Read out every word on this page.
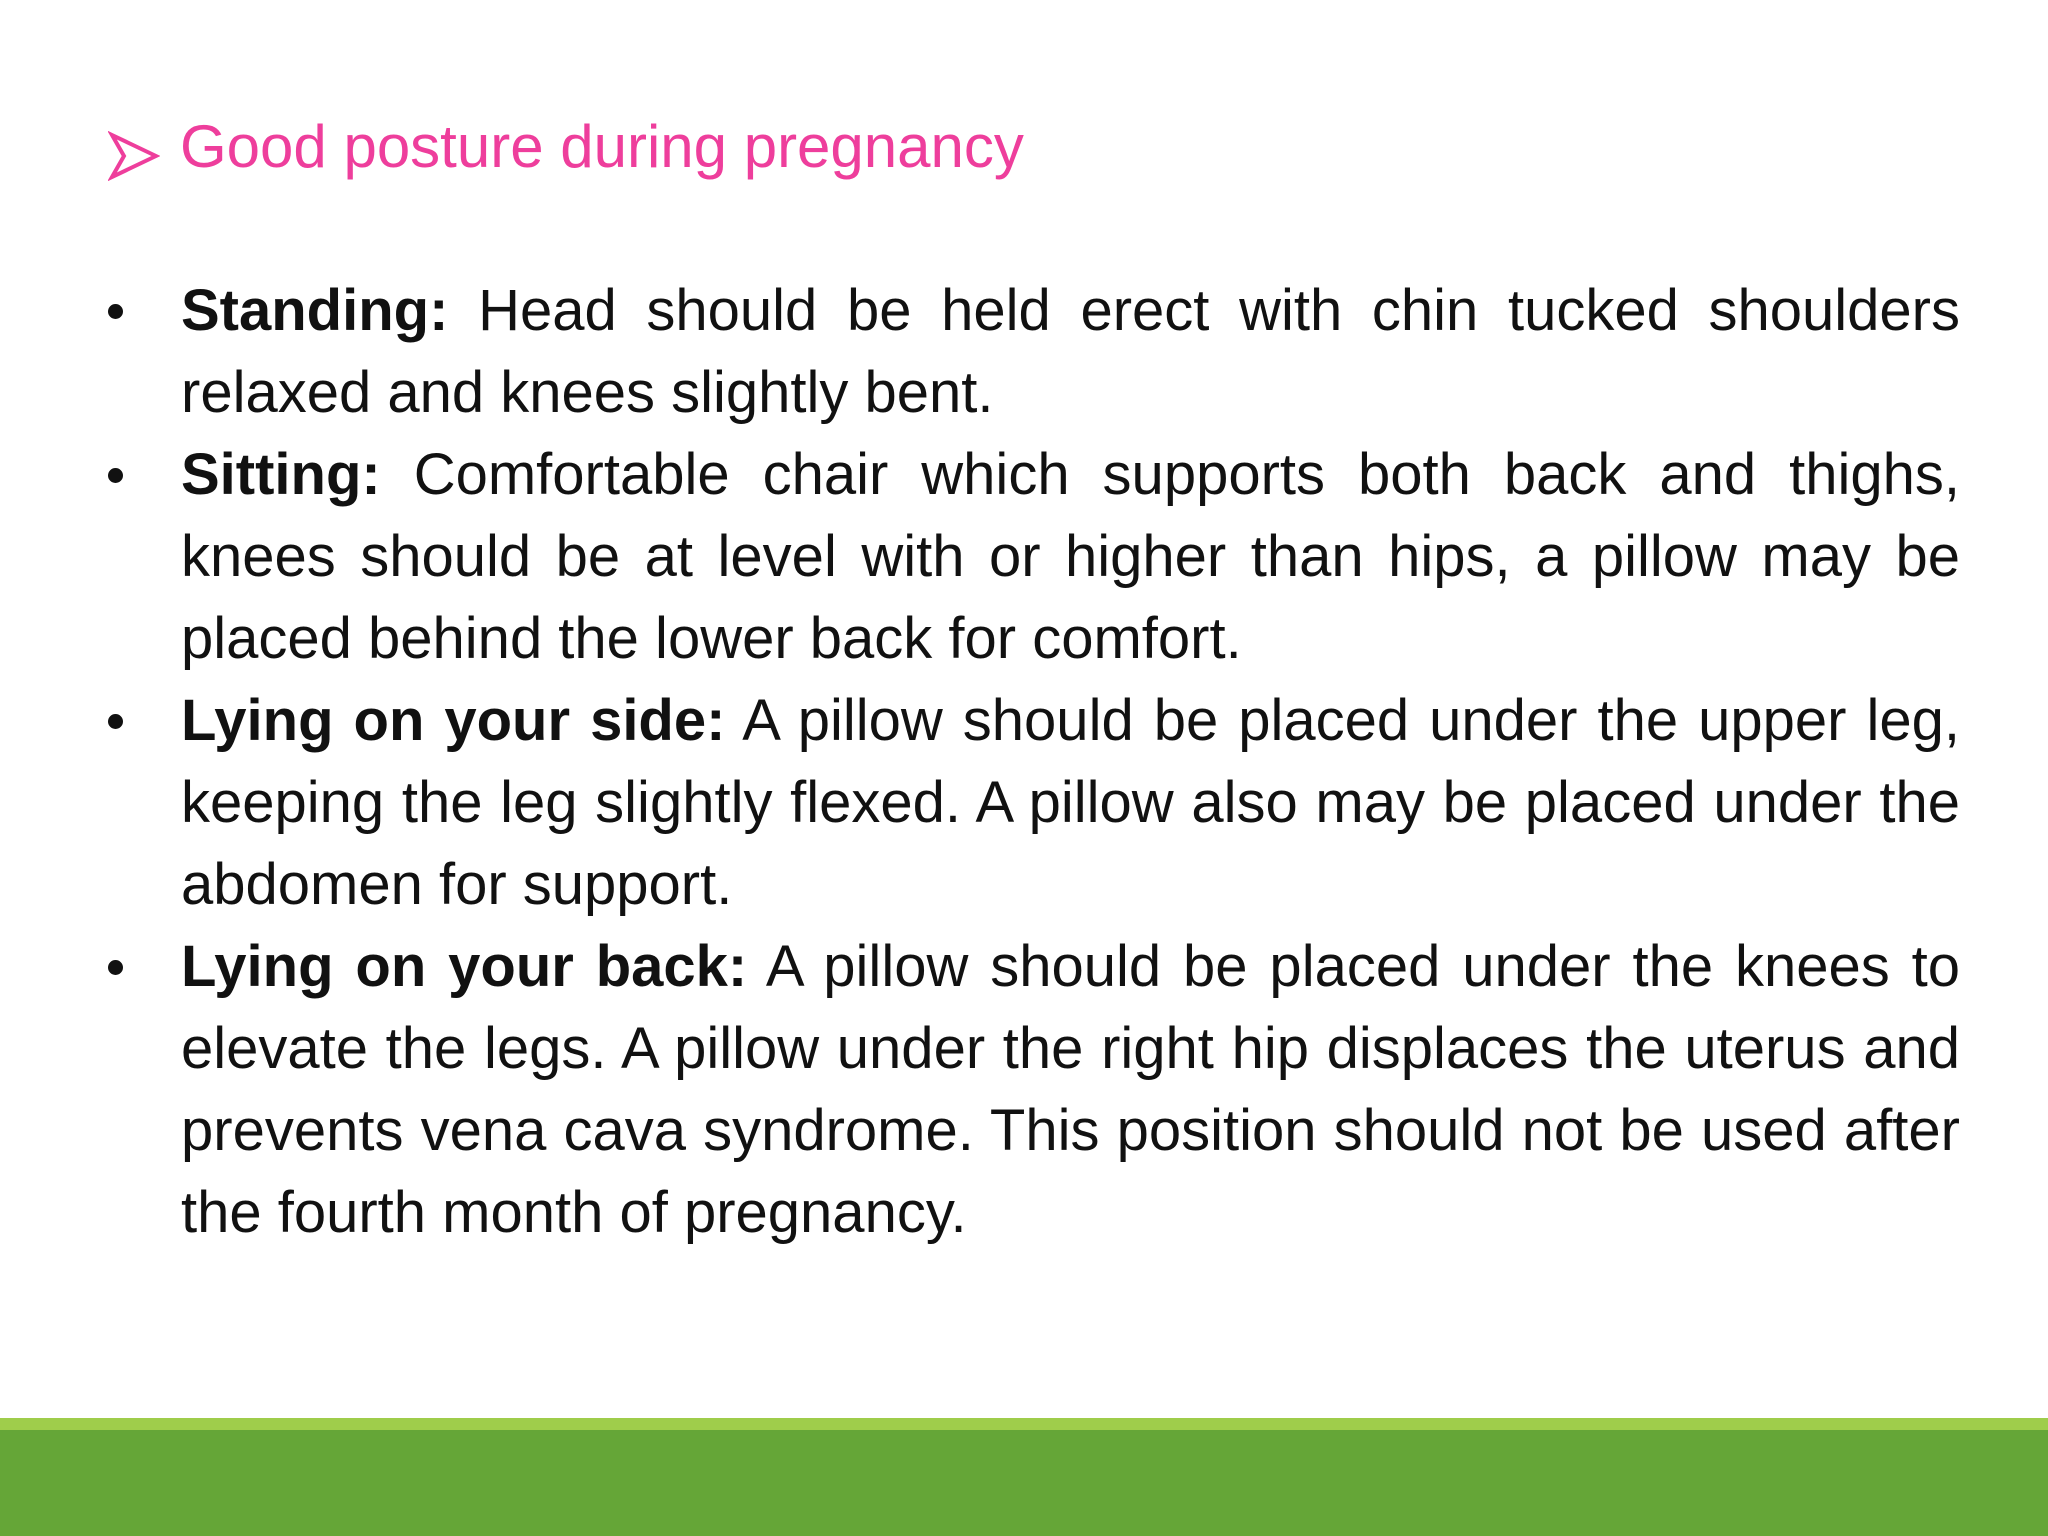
Good posture during pregnancy
Standing: Head should be held erect with chin tucked shoulders relaxed and knees slightly bent.
Sitting: Comfortable chair which supports both back and thighs, knees should be at level with or higher than hips, a pillow may be placed behind the lower back for comfort.
Lying on your side: A pillow should be placed under the upper leg, keeping the leg slightly flexed. A pillow also may be placed under the abdomen for support.
Lying on your back: A pillow should be placed under the knees to elevate the legs. A pillow under the right hip displaces the uterus and prevents vena cava syndrome. This position should not be used after the fourth month of pregnancy.
